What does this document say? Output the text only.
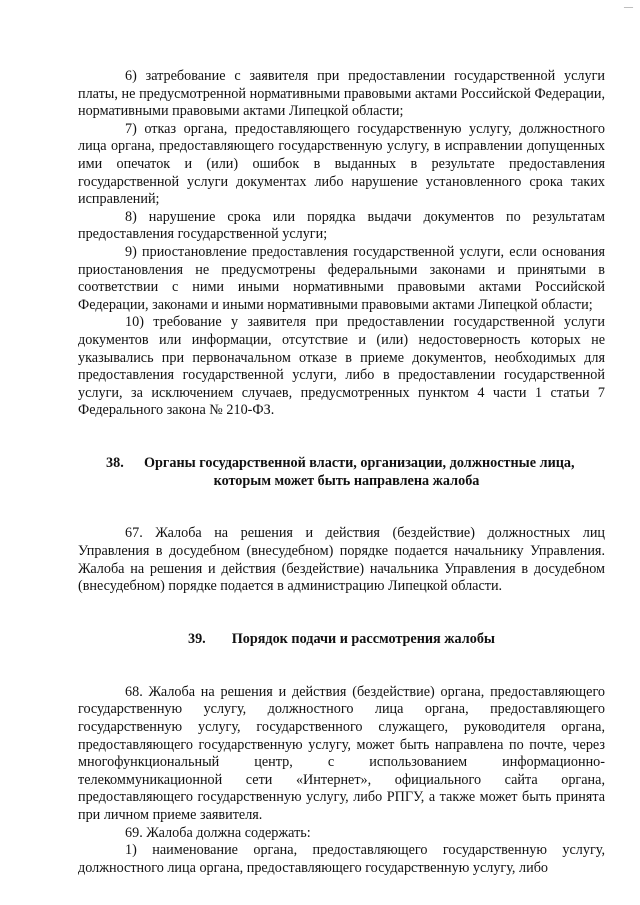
—

6) затребование с заявителя при предоставлении государственной услуги платы, не предусмотренной нормативными правовыми актами Российской Федерации, нормативными правовыми актами Липецкой области;

7) отказ органа, предоставляющего государственную услугу, должностного лица органа, предоставляющего государственную услугу, в исправлении допущенных ими опечаток и (или) ошибок в выданных в результате предоставления государственной услуги документах либо нарушение установленного срока таких исправлений;

8) нарушение срока или порядка выдачи документов по результатам предоставления государственной услуги;

9) приостановление предоставления государственной услуги, если основания приостановления не предусмотрены федеральными законами и принятыми в соответствии с ними иными нормативными правовыми актами Российской Федерации, законами и иными нормативными правовыми актами Липецкой области;

10) требование у заявителя при предоставлении государственной услуги документов или информации, отсутствие и (или) недостоверность которых не указывались при первоначальном отказе в приеме документов, необходимых для предоставления государственной услуги, либо в предоставлении государственной услуги, за исключением случаев, предусмотренных пунктом 4 части 1 статьи 7 Федерального закона № 210-ФЗ.

38. Органы государственной власти, организации, должностные лица,
которым может быть направлена жалоба

67. Жалоба на решения и действия (бездействие) должностных лиц Управления в досудебном (внесудебном) порядке подается начальнику Управления. Жалоба на решения и действия (бездействие) начальника Управления в досудебном (внесудебном) порядке подается в администрацию Липецкой области.

39. Порядок подачи и рассмотрения жалобы

68. Жалоба на решения и действия (бездействие) органа, предоставляющего государственную услугу, должностного лица органа, предоставляющего государственную услугу, государственного служащего, руководителя органа, предоставляющего государственную услугу, может быть направлена по почте, через многофункциональный центр, с использованием информационно-телекоммуникационной сети «Интернет», официального сайта органа, предоставляющего государственную услугу, либо РПГУ, а также может быть принята при личном приеме заявителя.

69. Жалоба должна содержать:

1) наименование органа, предоставляющего государственную услугу, должностного лица органа, предоставляющего государственную услугу, либо
